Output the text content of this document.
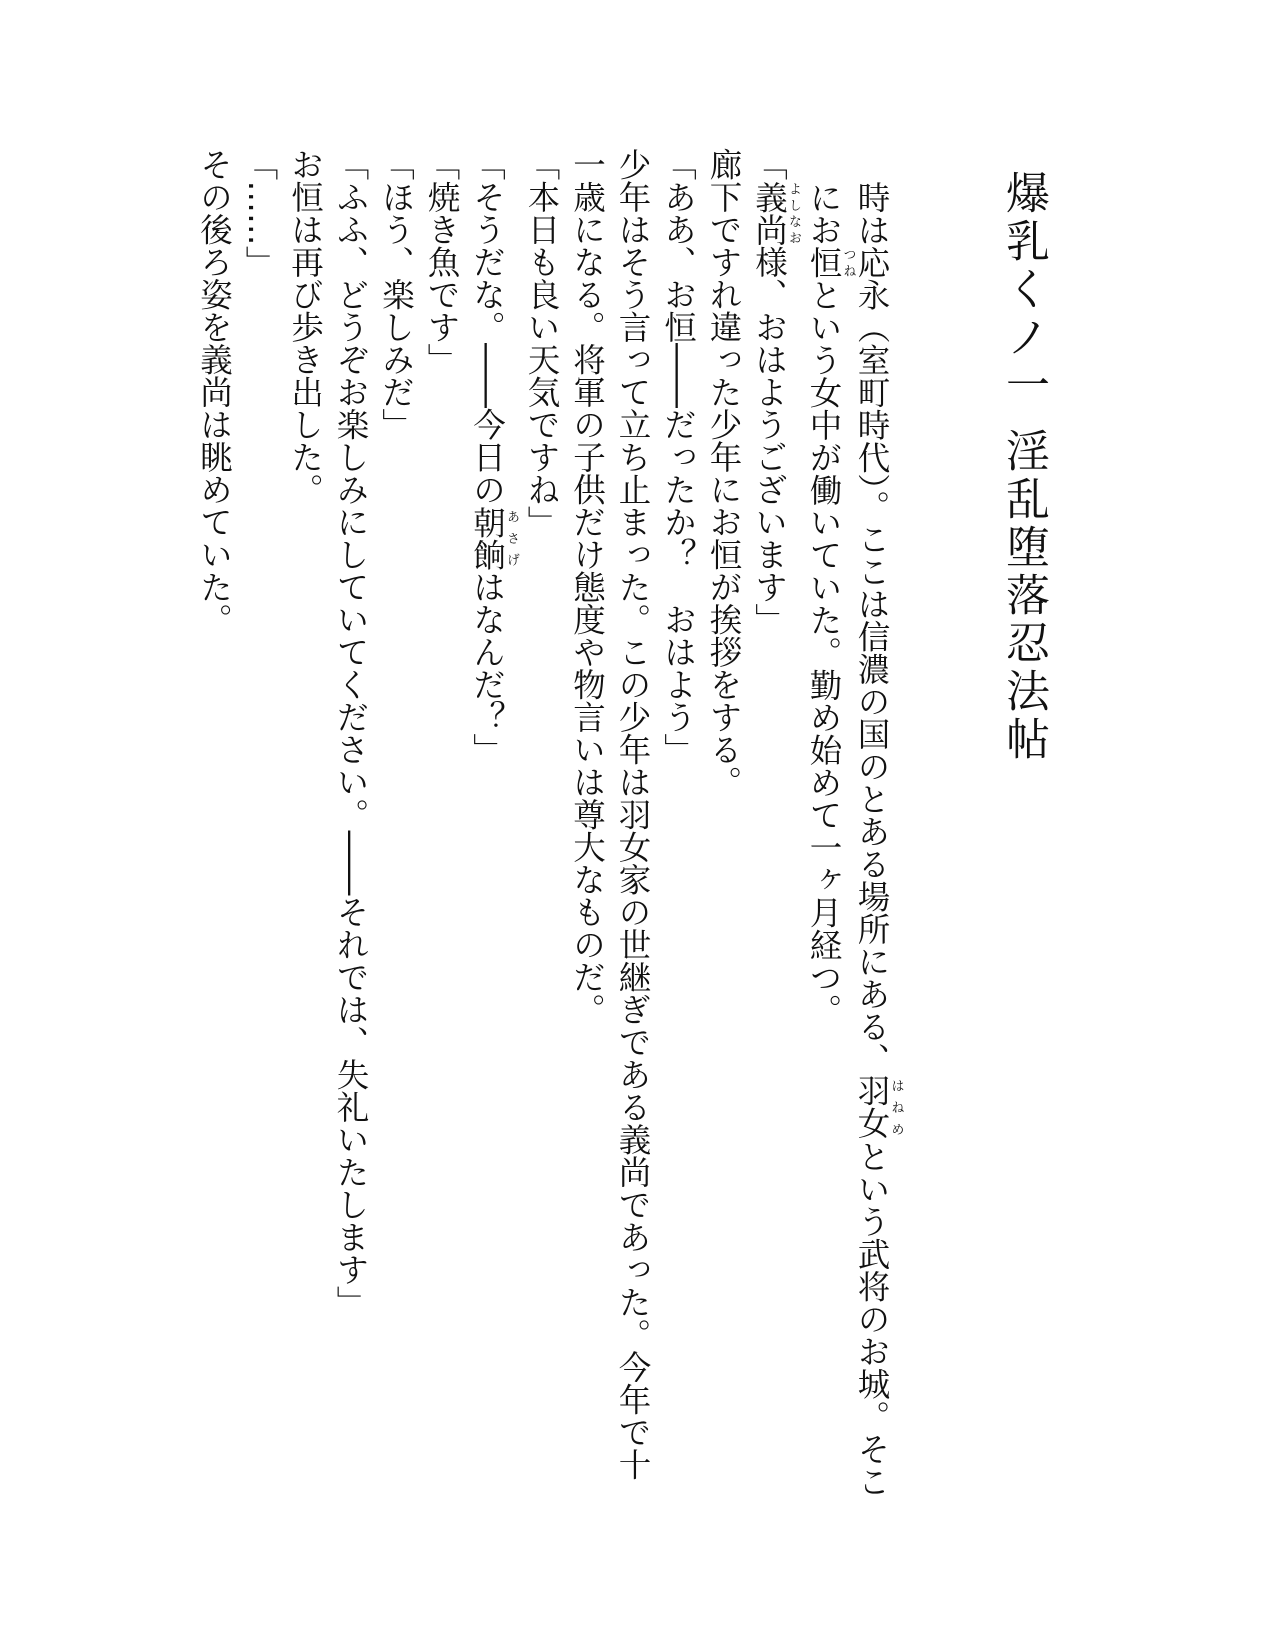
爆乳くノ一 淫乱堕落忍法帖

時は応永（室町時代）。ここは信濃の国のとある場所にある、羽女はねめという武将のお城。そこにお恒つねという女中が働いていた。勤め始めて一ヶ月経つ。

「義尚よしなお様、おはようございます」

廊下ですれ違った少年にお恒が挨拶をする。

「ああ、お恒――だったか？　おはよう」

少年はそう言って立ち止まった。この少年は羽女家の世継ぎである義尚であった。今年で十一歳になる。将軍の子供だけ態度や物言いは尊大なものだ。

「本日も良い天気ですね」

「そうだな。――今日の朝餉あさげはなんだ？」

「焼き魚です」

「ほう、楽しみだ」

「ふふ、どうぞお楽しみにしていてください。――それでは、失礼いたします」

お恒は再び歩き出した。

「……」

その後ろ姿を義尚は眺めていた。
